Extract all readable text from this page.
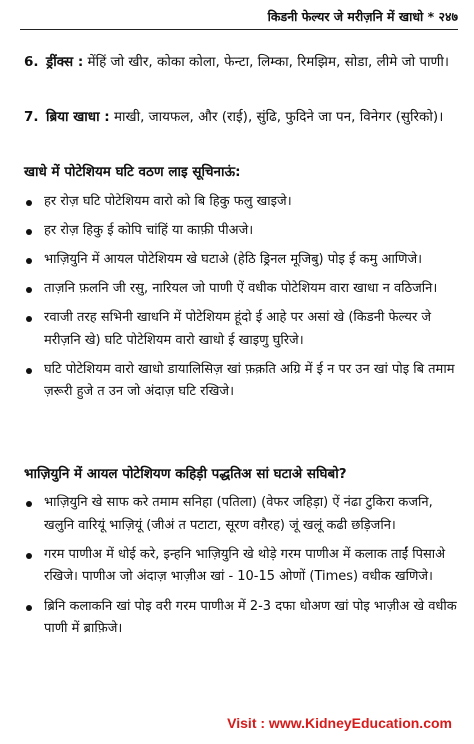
किडनी फेल्यर जे मरीज़नि में खाधो * २४७
6. ड्रींक्स : मेंहिं जो खीर, कोका कोला, फेन्टा, लिम्का, रिमझिम, सोडा, लीमे जो पाणी।
7. ब्रिया खाधा : माखी, जायफल, और (राई), सुंढि, फुदिने जा पन, विनेगर (सुरिको)।
खाधे में पोटेशियम घटि वठण लाइ सूचिनाऊं:
हर रोज़ घटि पोटेशियम वारो को बि हिकु फलु खाइजे।
हर रोज़ हिकु ई कोपि चांहिं या काफ़ी पीअजे।
भाज़ियुनि में आयल पोटेशियम खे घटाअे (हेठि ड्रिनल मूजिबु) पोइ ई कमु आणिजे।
ताज़नि फ़लनि जी रसु, नारियल जो पाणी ऐं वधीक पोटेशियम वारा खाधा न वठिजनि।
रवाजी तरह सभिनी खाधनि में पोटेशियम हूंदो ई आहे पर असां खे (किडनी फेल्यर जे मरीज़नि खे) घटि पोटेशियम वारो खाधो ई खाइणु घुरिजे।
घटि पोटेशियम वारो खाधो डायालिसिज़ खां फ़क़ति अग्रि में ई न पर उन खां पोइ बि तमाम ज़रूरी हुजे त उन जो अंदाज़ घटि रखिजे।
भाज़ियुनि में आयल पोटेशियण कहिड़ी पद्धतिअ सां घटाअे सघिबो?
भाज़ियुनि खे साफ करे तमाम सनिहा (पतिला) (वेफर जहिड़ा) ऐं नंढा टुकिरा कजनि, खलुनि वारियूं भाज़ियूं (जीअं त पटाटा, सूरण वग़ैरह) जूं खलूं कढी छड़िजनि।
गरम पाणीअ में धोई करे, इन्हनि भाज़ियुनि खे थोड़े गरम पाणीअ में कलाक ताईं पिसाअे रखिजे। पाणीअ जो अंदाज़ भाज़ीअ खां - 10-15 ओणों (Times) वधीक खणिजे।
ब्रिनि कलाकनि खां पोइ वरी गरम पाणीअ में 2-3 दफा धोअण खां पोइ भाज़ीअ खे वधीक पाणी में ब्राफ़िजे।
Visit : www.KidneyEducation.com
